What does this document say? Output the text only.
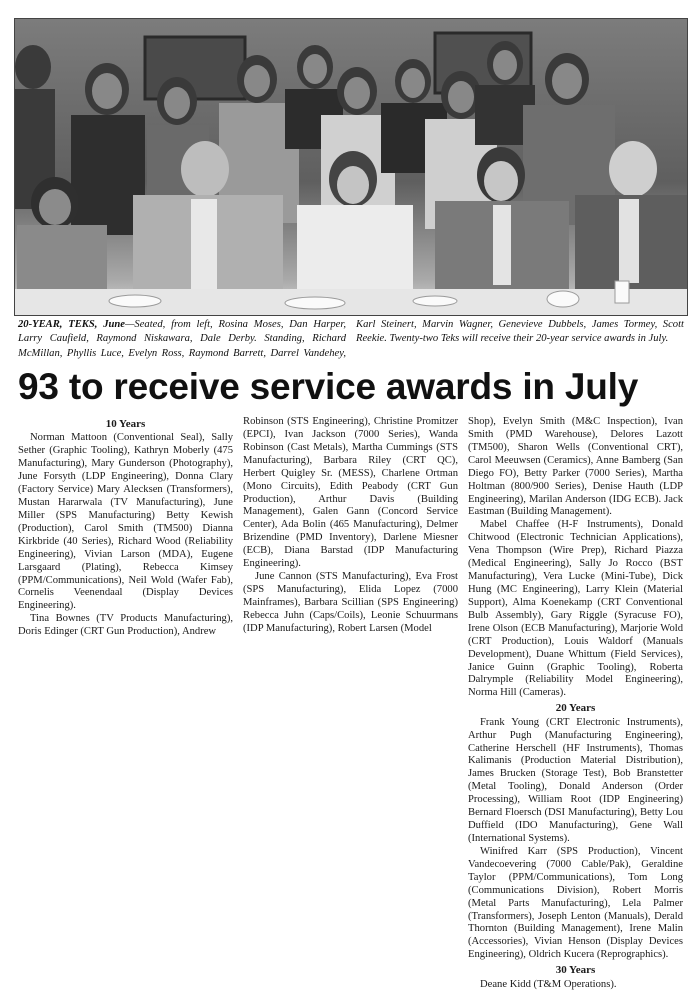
20-YEAR, TEKS, June—Seated, from left, Rosina Moses, Dan Harper, Larry Caufield, Raymond Niskawara, Dale Derby. Standing, Richard McMillan, Phyllis Luce, Evelyn Ross, Raymond Barrett, Darrel Vandehey, Karl Steinert, Marvin Wagner, Genevieve Dubbels, James Tormey, Scott Reekie. Twenty-two Teks will receive their 20-year service awards in July.
93 to receive service awards in July
10 Years

Norman Mattoon (Conventional Seal), Sally Sether (Graphic Tooling), Kathryn Moberly (475 Manufacturing), Mary Gunderson (Photography), June Forsyth (LDP Engineering), Donna Clary (Factory Service) Mary Alecksen (Transformers), Mustan Hararwala (TV Manufacturing), June Miller (SPS Manufacturing) Betty Kewish (Production), Carol Smith (TM500) Dianna Kirkbride (40 Series), Richard Wood (Reliability Engineering), Vivian Larson (MDA), Eugene Larsgaard (Plating), Rebecca Kimsey (PPM/Communications), Neil Wold (Wafer Fab), Cornelis Veenendaal (Display Devices Engineering).

Tina Bownes (TV Products Manufacturing), Doris Edinger (CRT Gun Production), Andrew

Robinson (STS Engineering), Christine Promitzer (EPCI), Ivan Jackson (7000 Series), Wanda Robinson (Cast Metals), Martha Cummings (STS Manufacturing), Barbara Riley (CRT QC), Herbert Quigley Sr. (MESS), Charlene Ortman (Mono Circuits), Edith Peabody (CRT Gun Production), Arthur Davis (Building Management), Galen Gann (Concord Service Center), Ada Bolin (465 Manufacturing), Delmer Brizendine (PMD Inventory), Darlene Miesner (ECB), Diana Barstad (IDP Manufacturing Engineering).

June Cannon (STS Manufacturing), Eva Frost (SPS Manufacturing), Elida Lopez (7000 Mainframes), Barbara Scillian (SPS Engineering) Rebecca Juhn (Caps/Coils), Leonie Schuurmans (IDP Manufacturing), Robert Larsen (Model

Shop), Evelyn Smith (M&C Inspection), Ivan Smith (PMD Warehouse), Delores Lazott (TM500), Sharon Wells (Conventional CRT), Carol Meeuwsen (Ceramics), Anne Bamberg (San Diego FO), Betty Parker (7000 Series), Martha Holtman (800/900 Series), Denise Hauth (LDP Engineering), Marilan Anderson (IDG ECB). Jack Eastman (Building Management).

Mabel Chaffee (H-F Instruments), Donald Chitwood (Electronic Technician Applications), Vena Thompson (Wire Prep), Richard Piazza (Medical Engineering), Sally Jo Rocco (BST Manufacturing), Vera Lucke (Mini-Tube), Dick Hung (MC Engineering), Larry Klein (Material Support), Alma Koenekamp (CRT Conventional Bulb Assembly), Gary Riggle (Syracuse FO), Irene Olson (ECB Manufacturing), Marjorie Wold (CRT Production), Louis Waldorf (Manuals Development), Duane Whittum (Field Services), Janice Guinn (Graphic Tooling), Roberta Dalrymple (Reliability Model Engineering), Norma Hill (Cameras).

20 Years

Frank Young (CRT Electronic Instruments), Arthur Pugh (Manufacturing Engineering), Catherine Herschell (HF Instruments), Thomas Kalimanis (Production Material Distribution), James Brucken (Storage Test), Bob Branstetter (Metal Tooling), Donald Anderson (Order Processing), William Root (IDP Engineering) Bernard Floersch (DSI Manufacturing), Betty Lou Duffield (IDO Manufacturing), Gene Wall (International Systems).

Winifred Karr (SPS Production), Vincent Vandecoevering (7000 Cable/Pak), Geraldine Taylor (PPM/Communications), Tom Long (Communications Division), Robert Morris (Metal Parts Manufacturing), Lela Palmer (Transformers), Joseph Lenton (Manuals), Derald Thornton (Building Management), Irene Malin (Accessories), Vivian Henson (Display Devices Engineering), Oldrich Kucera (Reprographics).

30 Years

Deane Kidd (T&M Operations).
